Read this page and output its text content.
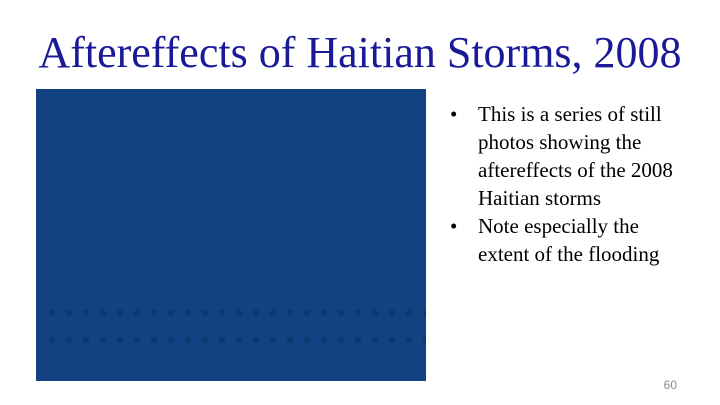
Aftereffects of Haitian Storms, 2008
• This is a series of still photos showing the aftereffects of the 2008 Haitian storms
• Note especially the extent of the flooding
60
